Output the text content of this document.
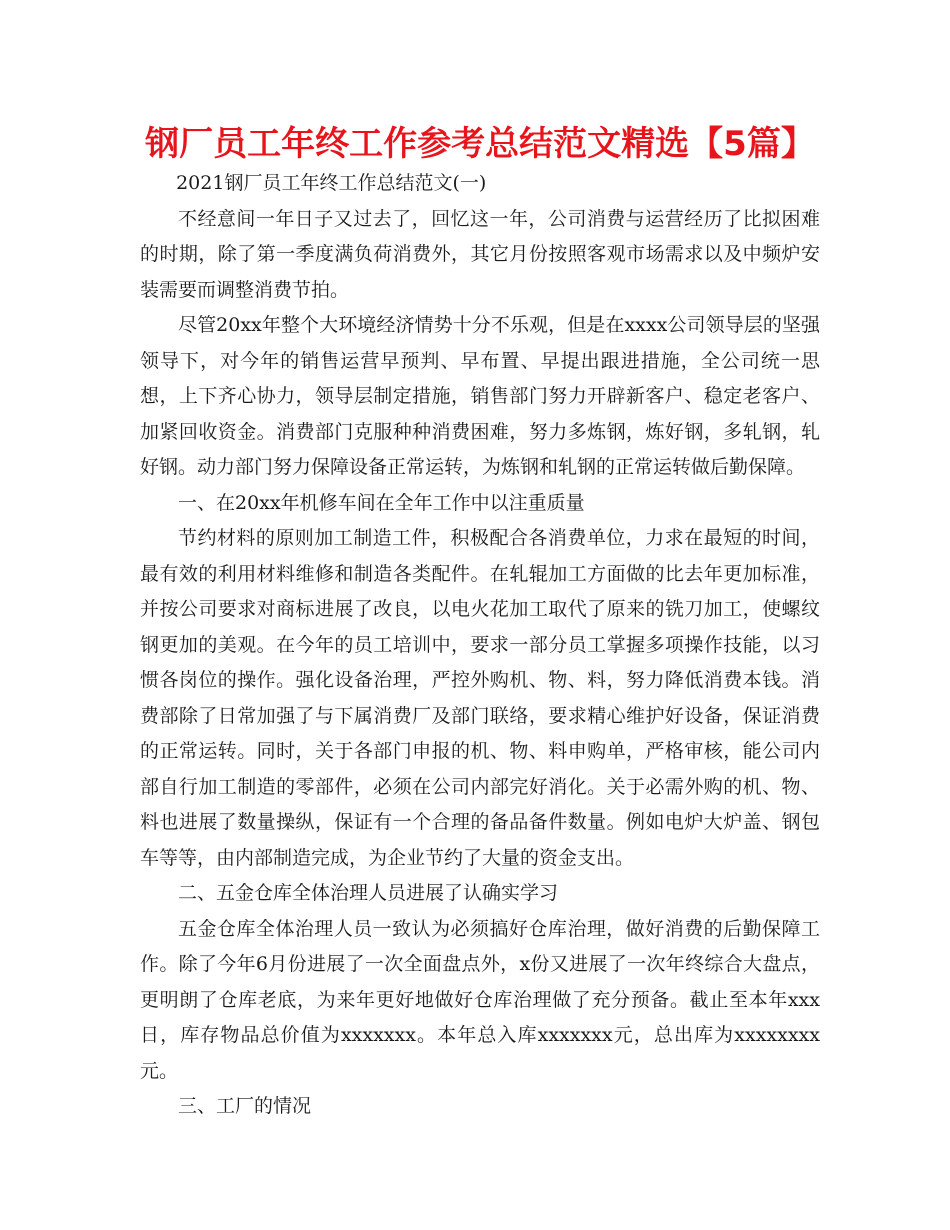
钢厂员工年终工作参考总结范文精选【5篇】

2021钢厂员工年终工作总结范文(一)

不经意间一年日子又过去了，回忆这一年，公司消费与运营经历了比拟困难的时期，除了第一季度满负荷消费外，其它月份按照客观市场需求以及中频炉安装需要而调整消费节拍。

尽管20xx年整个大环境经济情势十分不乐观，但是在xxxx公司领导层的坚强领导下，对今年的销售运营早预判、早布置、早提出跟进措施，全公司统一思想，上下齐心协力，领导层制定措施，销售部门努力开辟新客户、稳定老客户、加紧回收资金。消费部门克服种种消费困难，努力多炼钢，炼好钢，多轧钢，轧好钢。动力部门努力保障设备正常运转，为炼钢和轧钢的正常运转做后勤保障。

一、在20xx年机修车间在全年工作中以注重质量

节约材料的原则加工制造工件，积极配合各消费单位，力求在最短的时间，最有效的利用材料维修和制造各类配件。在轧辊加工方面做的比去年更加标准，并按公司要求对商标进展了改良，以电火花加工取代了原来的铣刀加工，使螺纹钢更加的美观。在今年的员工培训中，要求一部分员工掌握多项操作技能，以习惯各岗位的操作。强化设备治理，严控外购机、物、料，努力降低消费本钱。消费部除了日常加强了与下属消费厂及部门联络，要求精心维护好设备，保证消费的正常运转。同时，关于各部门申报的机、物、料申购单，严格审核，能公司内部自行加工制造的零部件，必须在公司内部完好消化。关于必需外购的机、物、料也进展了数量操纵，保证有一个合理的备品备件数量。例如电炉大炉盖、钢包车等等，由内部制造完成，为企业节约了大量的资金支出。

二、五金仓库全体治理人员进展了认确实学习

五金仓库全体治理人员一致认为必须搞好仓库治理，做好消费的后勤保障工作。除了今年6月份进展了一次全面盘点外，x份又进展了一次年终综合大盘点，更明朗了仓库老底，为来年更好地做好仓库治理做了充分预备。截止至本年xxx日，库存物品总价值为xxxxxxx。本年总入库xxxxxxx元，总出库为xxxxxxxx元。

三、工厂的情况
